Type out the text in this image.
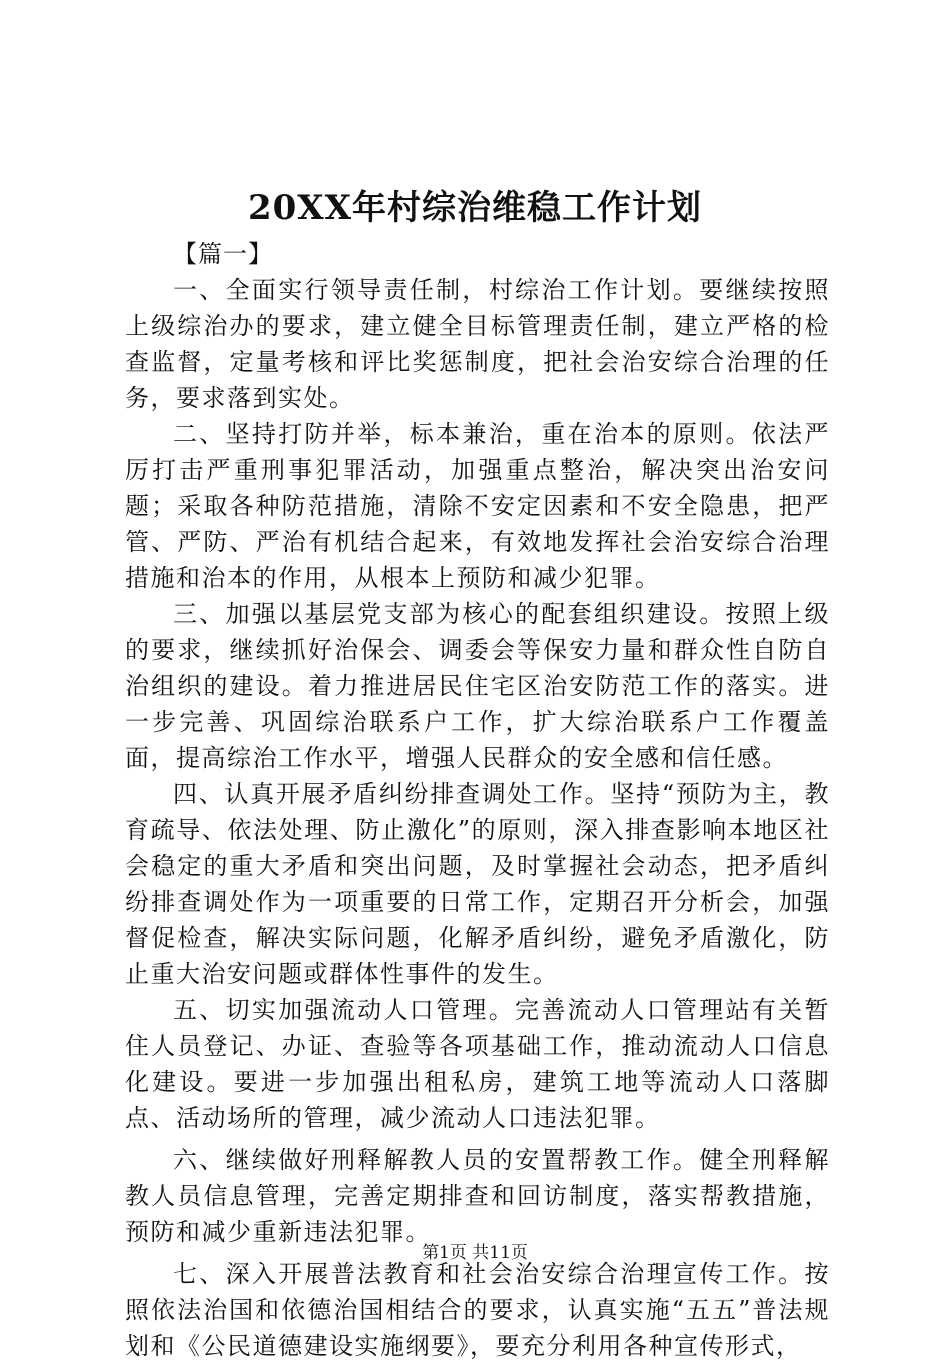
20XX年村综治维稳工作计划

【篇一】

一、全面实行领导责任制，村综治工作计划。要继续按照上级综治办的要求，建立健全目标管理责任制，建立严格的检查监督，定量考核和评比奖惩制度，把社会治安综合治理的任务，要求落到实处。

二、坚持打防并举，标本兼治，重在治本的原则。依法严厉打击严重刑事犯罪活动，加强重点整治，解决突出治安问题；采取各种防范措施，清除不安定因素和不安全隐患，把严管、严防、严治有机结合起来，有效地发挥社会治安综合治理措施和治本的作用，从根本上预防和减少犯罪。

三、加强以基层党支部为核心的配套组织建设。按照上级的要求，继续抓好治保会、调委会等保安力量和群众性自防自治组织的建设。着力推进居民住宅区治安防范工作的落实。进一步完善、巩固综治联系户工作，扩大综治联系户工作覆盖面，提高综治工作水平，增强人民群众的安全感和信任感。

四、认真开展矛盾纠纷排查调处工作。坚持“预防为主，教育疏导、依法处理、防止激化”的原则，深入排查影响本地区社会稳定的重大矛盾和突出问题，及时掌握社会动态，把矛盾纠纷排查调处作为一项重要的日常工作，定期召开分析会，加强督促检查，解决实际问题，化解矛盾纠纷，避免矛盾激化，防止重大治安问题或群体性事件的发生。

五、切实加强流动人口管理。完善流动人口管理站有关暂住人员登记、办证、查验等各项基础工作，推动流动人口信息化建设。要进一步加强出租私房，建筑工地等流动人口落脚点、活动场所的管理，减少流动人口违法犯罪。

六、继续做好刑释解教人员的安置帮教工作。健全刑释解教人员信息管理，完善定期排查和回访制度，落实帮教措施，预防和减少重新违法犯罪。

七、深入开展普法教育和社会治安综合治理宣传工作。按照依法治国和依德治国相结合的要求，认真实施“五五”普法规划和《公民道德建设实施纲要》，要充分利用各种宣传形式，

第1页 共11页
